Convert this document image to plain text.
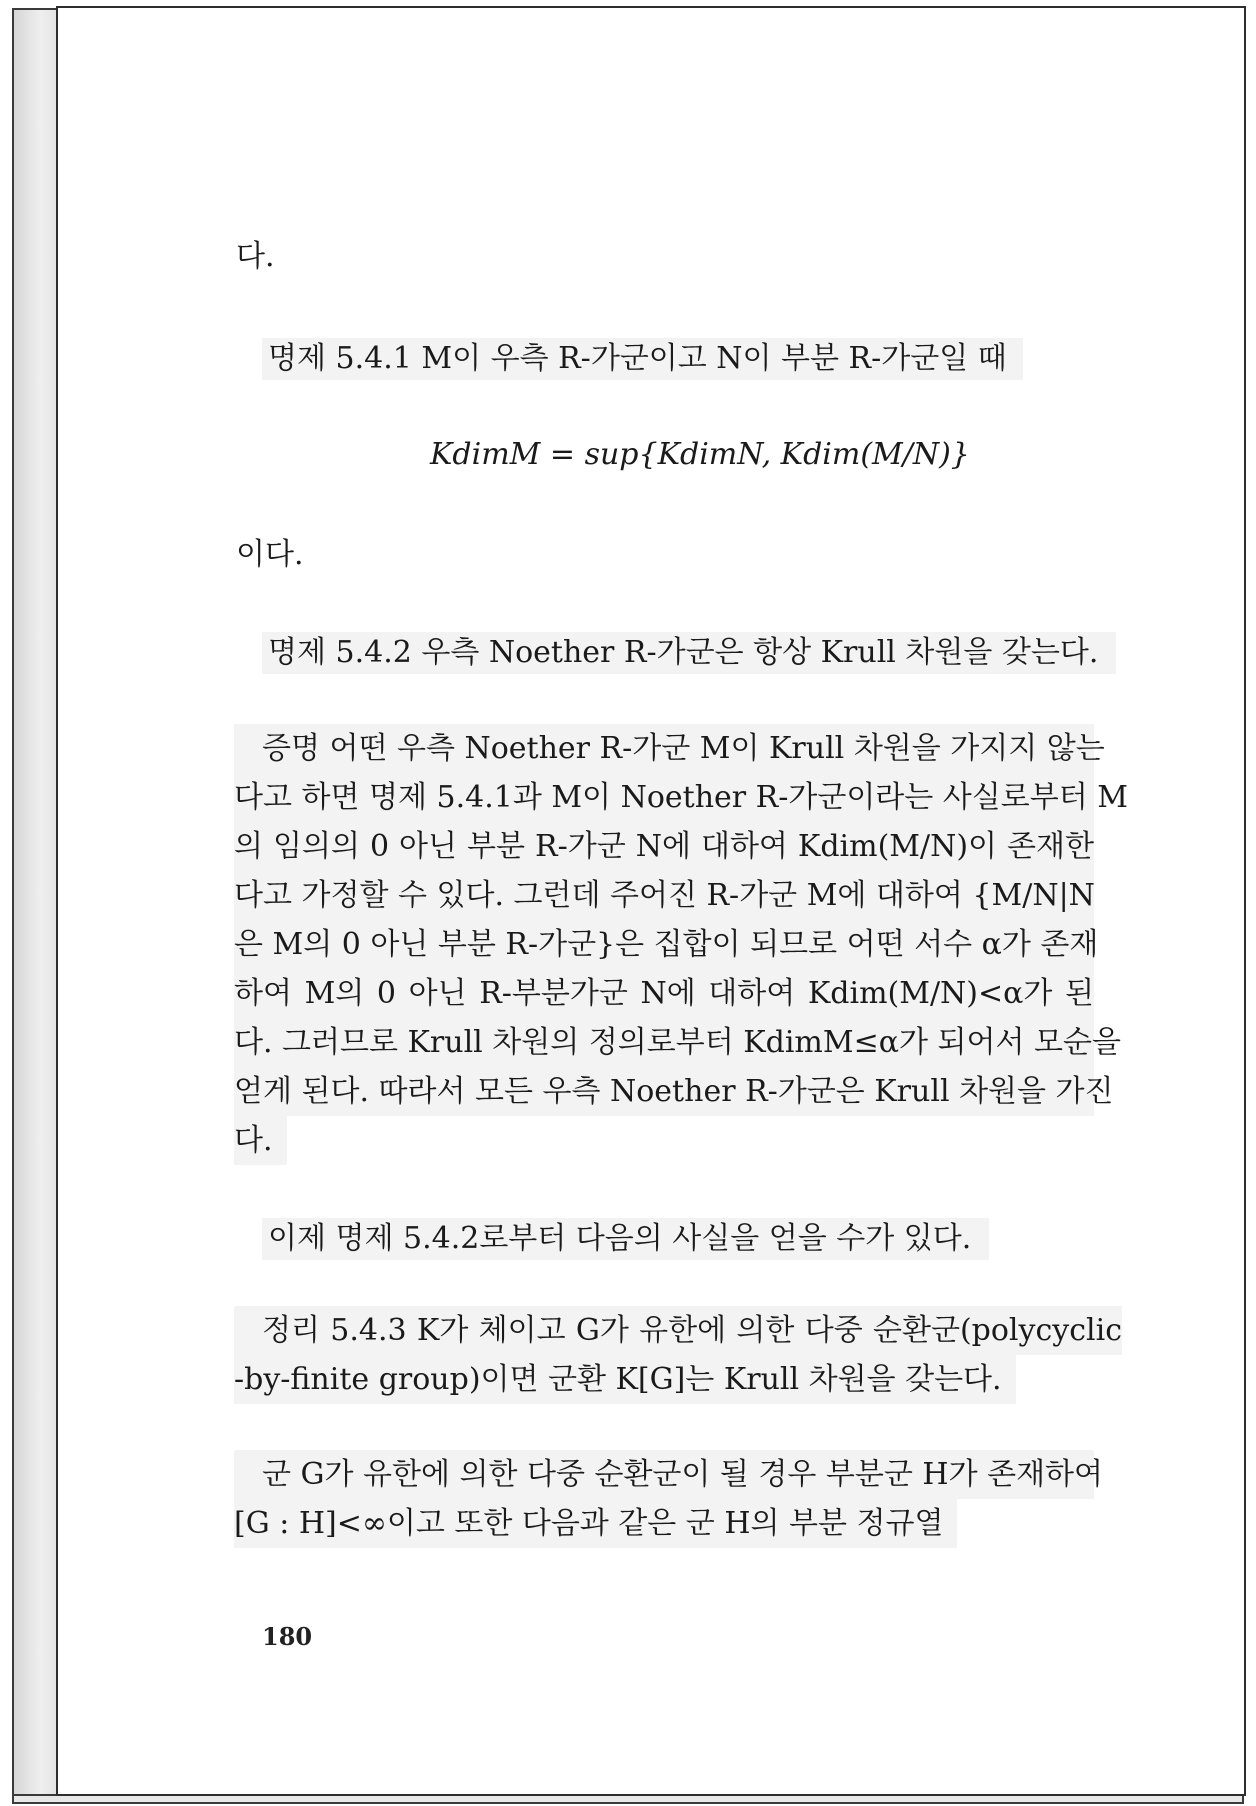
다.
명제 5.4.1 M이 우측 R-가군이고 N이 부분 R-가군일 때
KdimM = sup{KdimN, Kdim(M/N)}
이다.
명제 5.4.2 우측 Noether R-가군은 항상 Krull 차원을 갖는다.
증명 어떤 우측 Noether R-가군 M이 Krull 차원을 가지지 않는
다고 하면 명제 5.4.1과 M이 Noether R-가군이라는 사실로부터 M
의 임의의 0 아닌 부분 R-가군 N에 대하여 Kdim(M/N)이 존재한
다고 가정할 수 있다. 그런데 주어진 R-가군 M에 대하여 {M/N|N
은 M의 0 아닌 부분 R-가군}은 집합이 되므로 어떤 서수 α가 존재
하여 M의 0 아닌 R-부분가군 N에 대하여 Kdim(M/N)<α가 된
다. 그러므로 Krull 차원의 정의로부터 KdimM≤α가 되어서 모순을
얻게 된다. 따라서 모든 우측 Noether R-가군은 Krull 차원을 가진
다.
이제 명제 5.4.2로부터 다음의 사실을 얻을 수가 있다.
정리 5.4.3 K가 체이고 G가 유한에 의한 다중 순환군(polycyclic
-by-finite group)이면 군환 K[G]는 Krull 차원을 갖는다.
군 G가 유한에 의한 다중 순환군이 될 경우 부분군 H가 존재하여
[G : H]<∞이고 또한 다음과 같은 군 H의 부분 정규열
180
